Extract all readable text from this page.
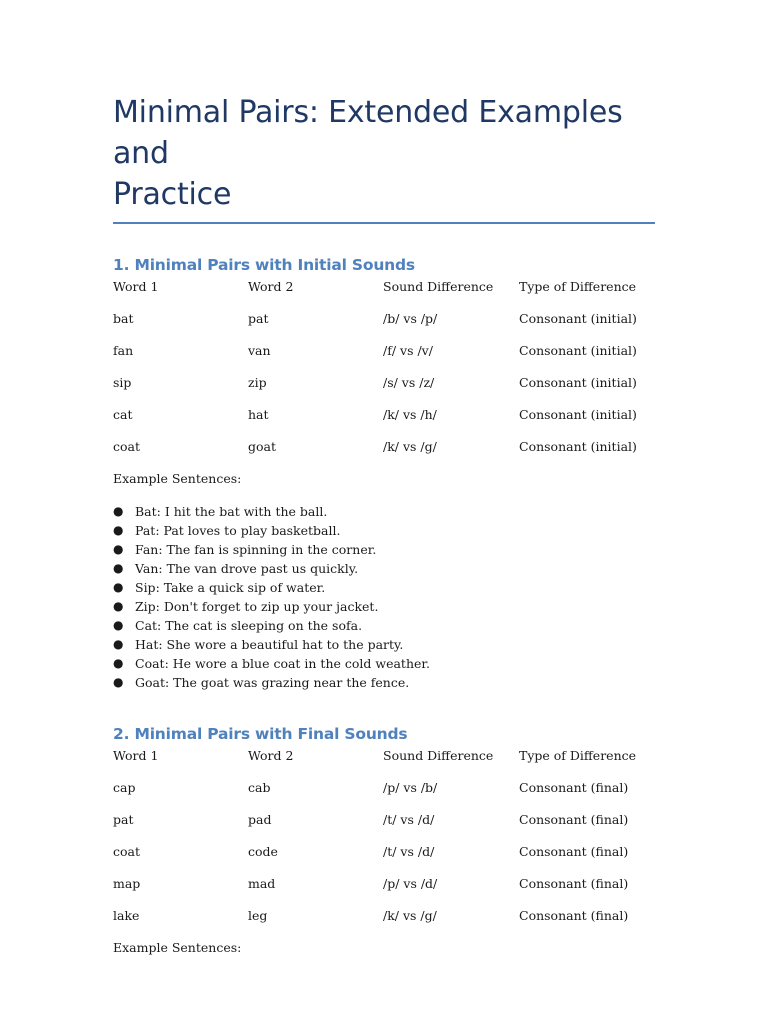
Minimal Pairs: Extended Examples and
Practice
1. Minimal Pairs with Initial Sounds
Word 1	Word 2	Sound Difference	Type of Difference
bat	pat	/b/ vs /p/	Consonant (initial)
fan	van	/f/ vs /v/	Consonant (initial)
sip	zip	/s/ vs /z/	Consonant (initial)
cat	hat	/k/ vs /h/	Consonant (initial)
coat	goat	/k/ vs /g/	Consonant (initial)

Example Sentences:

● Bat: I hit the bat with the ball.
● Pat: Pat loves to play basketball.
● Fan: The fan is spinning in the corner.
● Van: The van drove past us quickly.
● Sip: Take a quick sip of water.
● Zip: Don't forget to zip up your jacket.
● Cat: The cat is sleeping on the sofa.
● Hat: She wore a beautiful hat to the party.
● Coat: He wore a blue coat in the cold weather.
● Goat: The goat was grazing near the fence.
2. Minimal Pairs with Final Sounds
Word 1	Word 2	Sound Difference	Type of Difference
cap	cab	/p/ vs /b/	Consonant (final)
pat	pad	/t/ vs /d/	Consonant (final)
coat	code	/t/ vs /d/	Consonant (final)
map	mad	/p/ vs /d/	Consonant (final)
lake	leg	/k/ vs /g/	Consonant (final)

Example Sentences:
